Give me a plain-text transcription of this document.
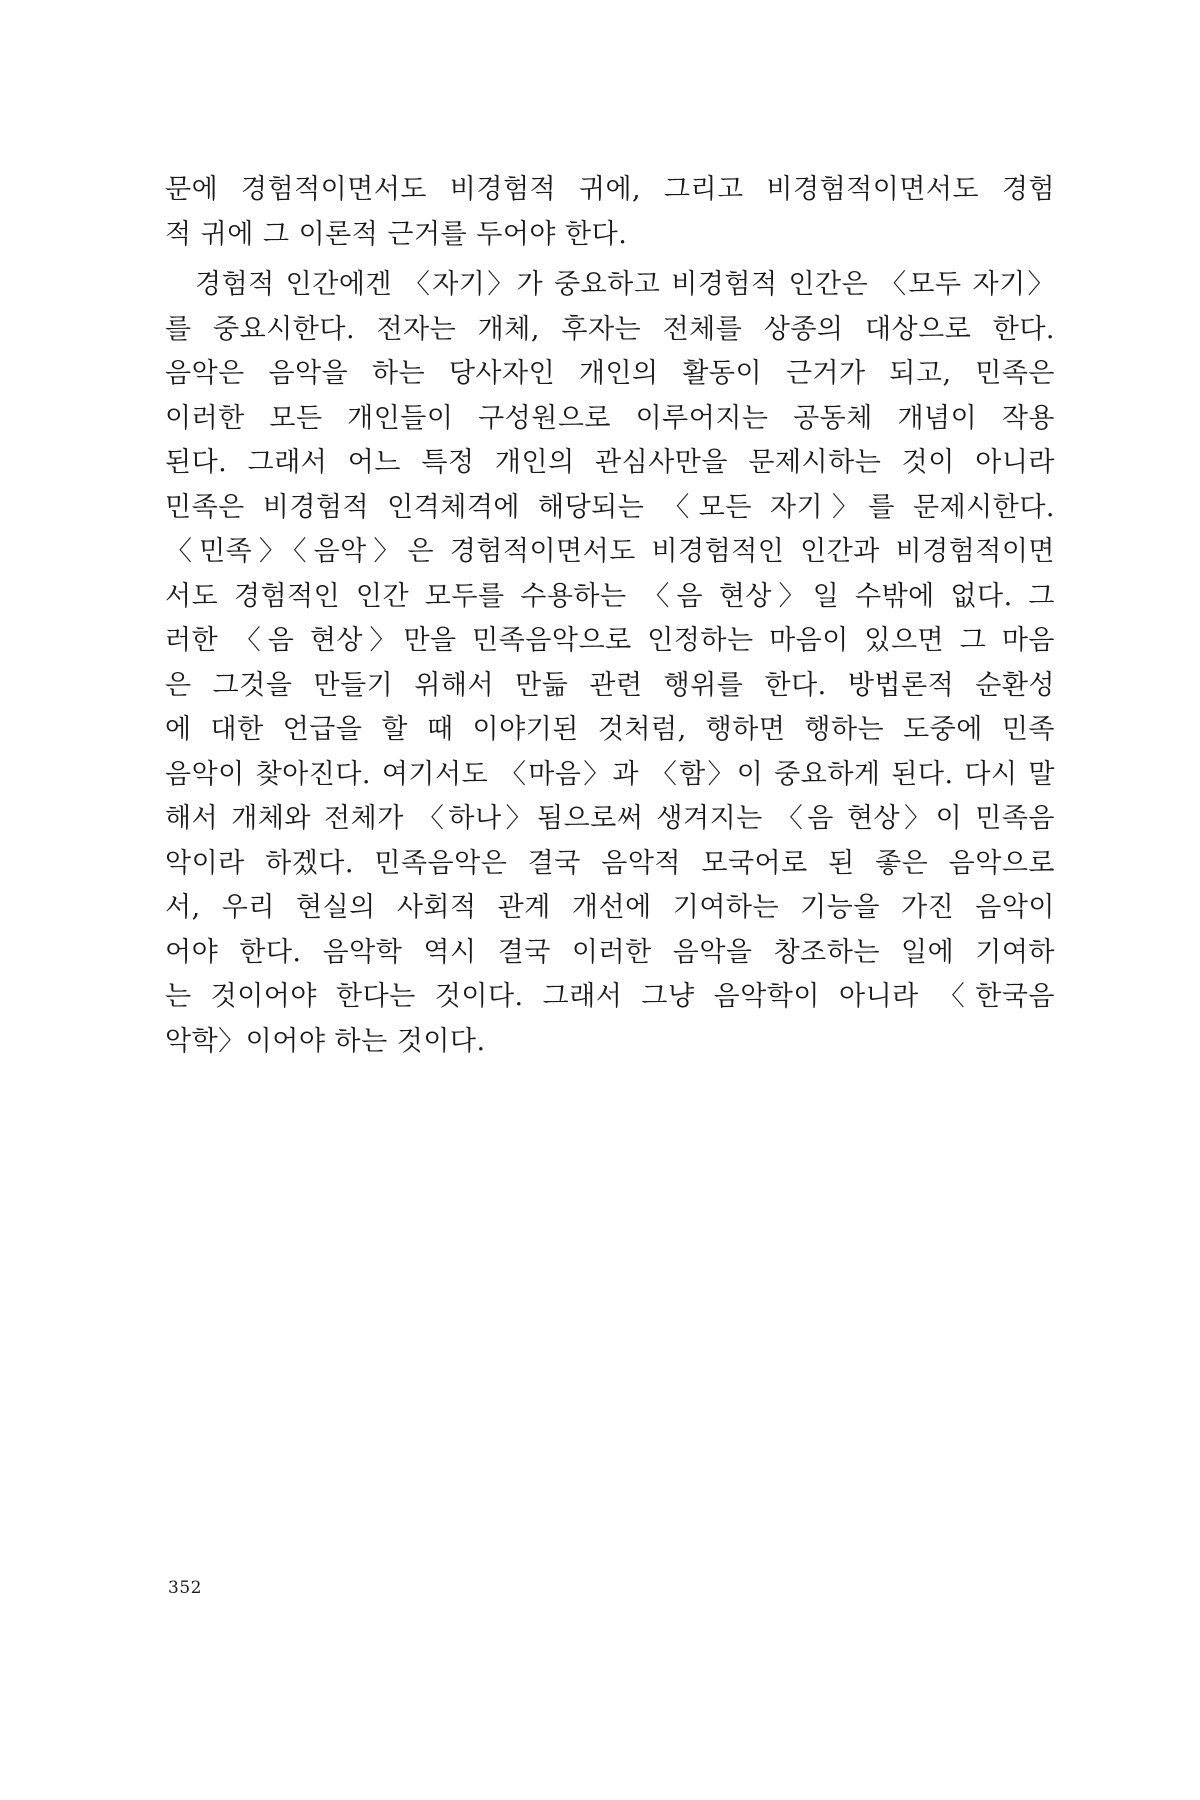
문에 경험적이면서도 비경험적 귀에, 그리고 비경험적이면서도 경험
적 귀에 그 이론적 근거를 두어야 한다.
경험적 인간에겐 〈자기〉가 중요하고 비경험적 인간은 〈모두 자기〉
를 중요시한다. 전자는 개체, 후자는 전체를 상종의 대상으로 한다.
음악은 음악을 하는 당사자인 개인의 활동이 근거가 되고, 민족은
이러한 모든 개인들이 구성원으로 이루어지는 공동체 개념이 작용
된다. 그래서 어느 특정 개인의 관심사만을 문제시하는 것이 아니라
민족은 비경험적 인격체격에 해당되는 〈모든 자기〉를 문제시한다.
〈민족〉〈음악〉은 경험적이면서도 비경험적인 인간과 비경험적이면
서도 경험적인 인간 모두를 수용하는 〈음 현상〉일 수밖에 없다. 그
러한 〈음 현상〉만을 민족음악으로 인정하는 마음이 있으면 그 마음
은 그것을 만들기 위해서 만듦 관련 행위를 한다. 방법론적 순환성
에 대한 언급을 할 때 이야기된 것처럼, 행하면 행하는 도중에 민족
음악이 찾아진다. 여기서도 〈마음〉과 〈함〉이 중요하게 된다. 다시 말
해서 개체와 전체가 〈하나〉됨으로써 생겨지는 〈음 현상〉이 민족음
악이라 하겠다. 민족음악은 결국 음악적 모국어로 된 좋은 음악으로
서, 우리 현실의 사회적 관계 개선에 기여하는 기능을 가진 음악이
어야 한다. 음악학 역시 결국 이러한 음악을 창조하는 일에 기여하
는 것이어야 한다는 것이다. 그래서 그냥 음악학이 아니라 〈한국음
악학〉이어야 하는 것이다.
352
